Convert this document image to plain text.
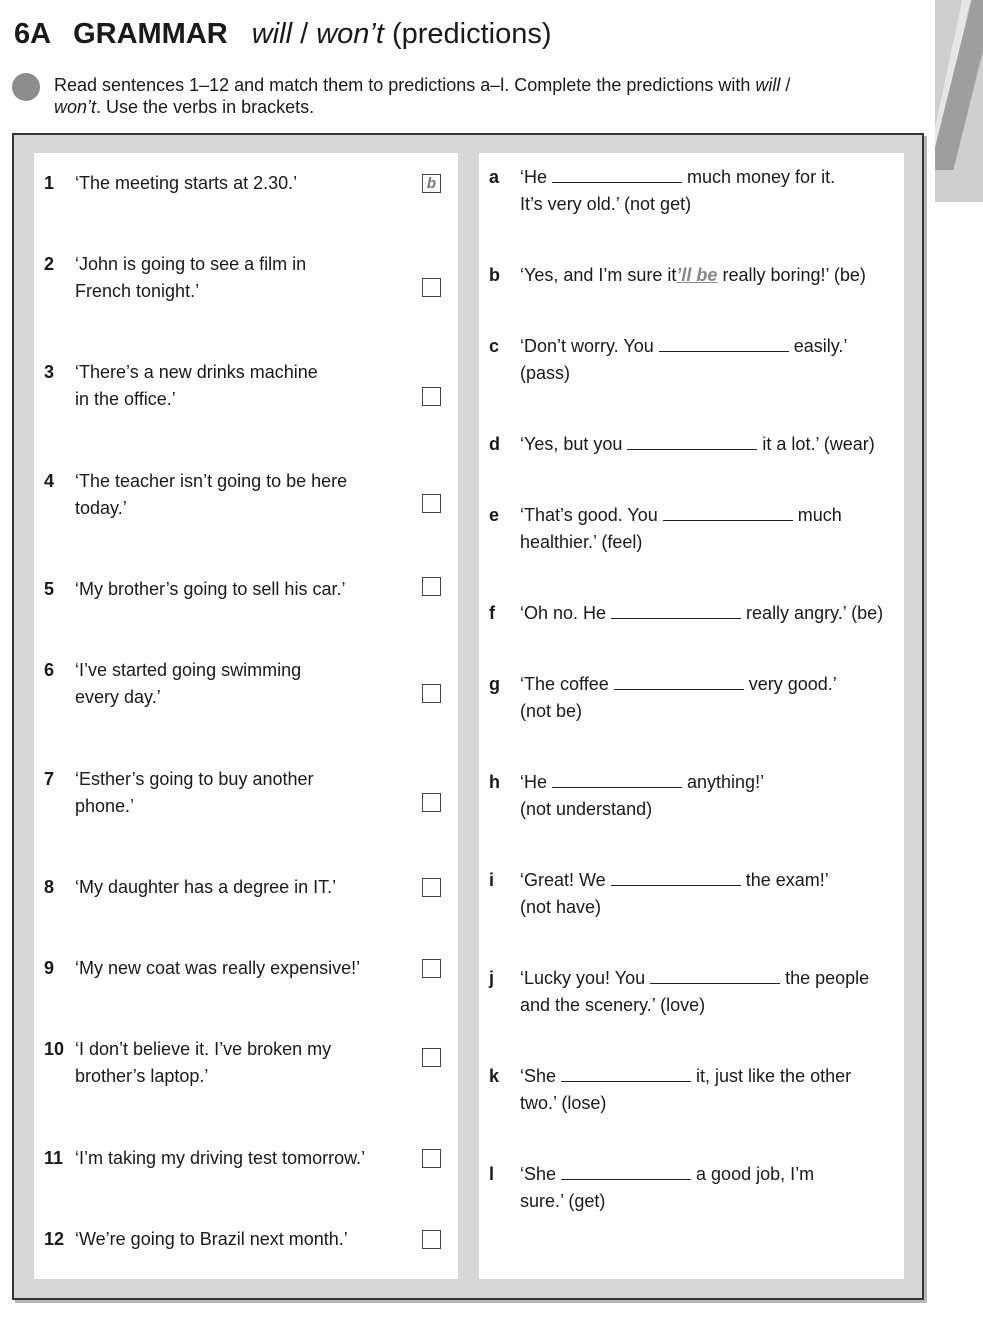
6A GRAMMAR will / won’t (predictions)
Read sentences 1–12 and match them to predictions a–l. Complete the predictions with will / won’t. Use the verbs in brackets.
1 ‘The meeting starts at 2.30.’	b
2 ‘John is going to see a film in
French tonight.’
3 ‘There’s a new drinks machine
in the office.’
4 ‘The teacher isn’t going to be here
today.’
5 ‘My brother’s going to sell his car.’
6 ‘I’ve started going swimming
every day.’
7 ‘Esther’s going to buy another
phone.’
8 ‘My daughter has a degree in IT.’
9 ‘My new coat was really expensive!’
10 ‘I don’t believe it. I’ve broken my
brother’s laptop.’
11 ‘I’m taking my driving test tomorrow.’
12 ‘We’re going to Brazil next month.’
a ‘He	much money for it.
It’s very old.’ (not get)
b ‘Yes, and I’m sure it’ll be really boring!’ (be)
c ‘Don’t worry. You	easily.’
(pass)
d ‘Yes, but you	it a lot.’ (wear)
e ‘That’s good. You	much
healthier.’ (feel)
f ‘Oh no. He	really angry.’ (be)
g ‘The coffee	very good.’
(not be)
h ‘He	anything!’
(not understand)
i ‘Great! We	the exam!’
(not have)
j ‘Lucky you! You	the people
and the scenery.’ (love)
k ‘She	it, just like the other
two.’ (lose)
l ‘She	a good job, I’m
sure.’ (get)
